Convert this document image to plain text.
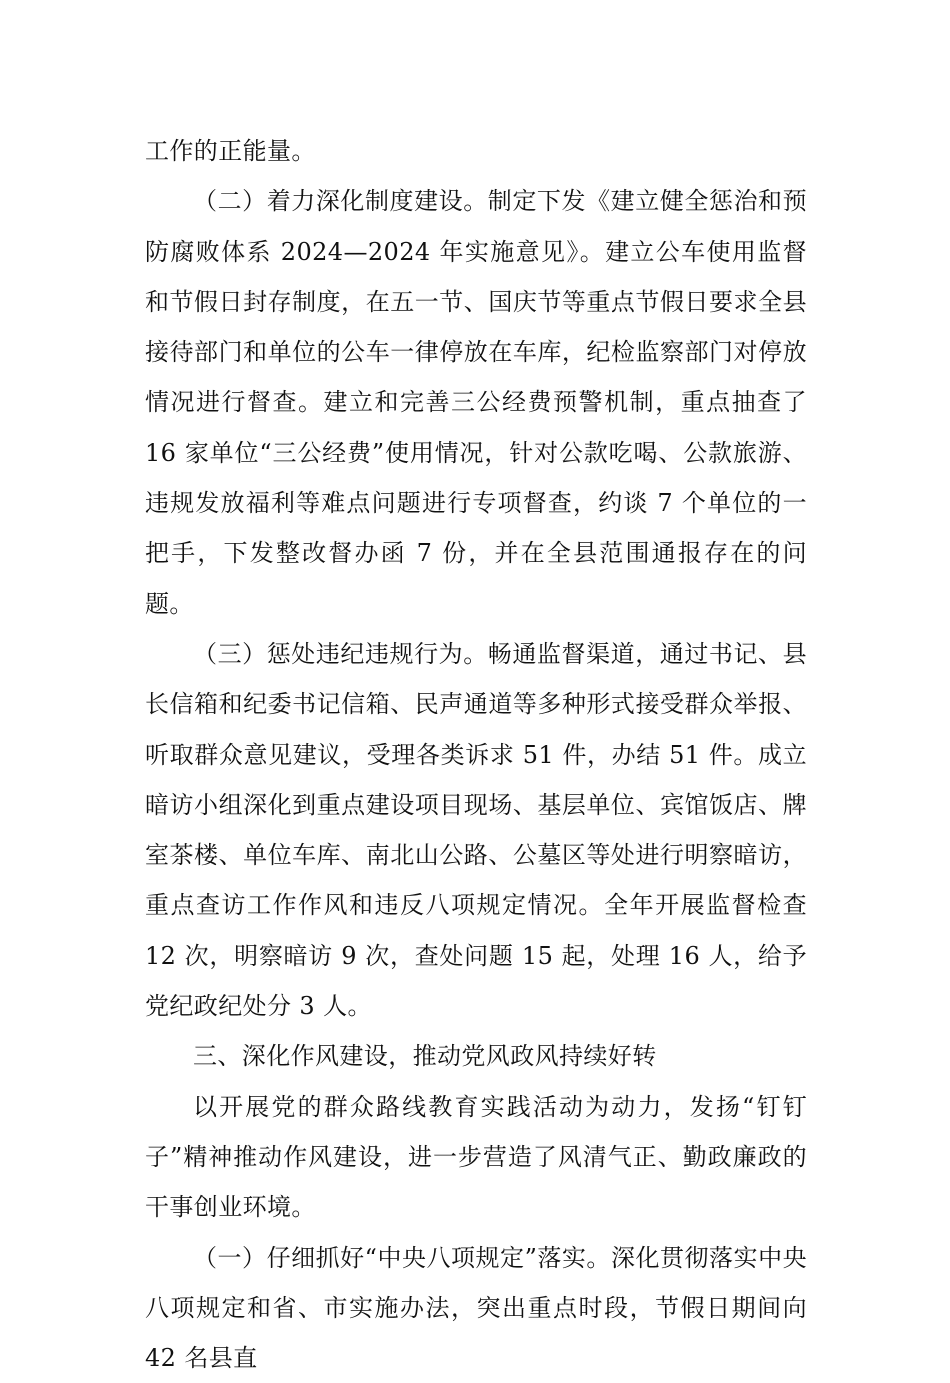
工作的正能量。

（二）着力深化制度建设。制定下发《建立健全惩治和预防腐败体系 2024—2024 年实施意见》。建立公车使用监督和节假日封存制度，在五一节、国庆节等重点节假日要求全县接待部门和单位的公车一律停放在车库，纪检监察部门对停放情况进行督查。建立和完善三公经费预警机制，重点抽查了 16 家单位“三公经费”使用情况，针对公款吃喝、公款旅游、违规发放福利等难点问题进行专项督查，约谈 7 个单位的一把手，下发整改督办函 7 份，并在全县范围通报存在的问题。

（三）惩处违纪违规行为。畅通监督渠道，通过书记、县长信箱和纪委书记信箱、民声通道等多种形式接受群众举报、听取群众意见建议，受理各类诉求 51 件，办结 51 件。成立暗访小组深化到重点建设项目现场、基层单位、宾馆饭店、牌室茶楼、单位车库、南北山公路、公墓区等处进行明察暗访，重点查访工作作风和违反八项规定情况。全年开展监督检查 12 次，明察暗访 9 次，查处问题 15 起，处理 16 人，给予党纪政纪处分 3 人。

三、深化作风建设，推动党风政风持续好转

以开展党的群众路线教育实践活动为动力，发扬“钉钉子”精神推动作风建设，进一步营造了风清气正、勤政廉政的干事创业环境。

（一）仔细抓好“中央八项规定”落实。深化贯彻落实中央八项规定和省、市实施办法，突出重点时段，节假日期间向 42 名县直
